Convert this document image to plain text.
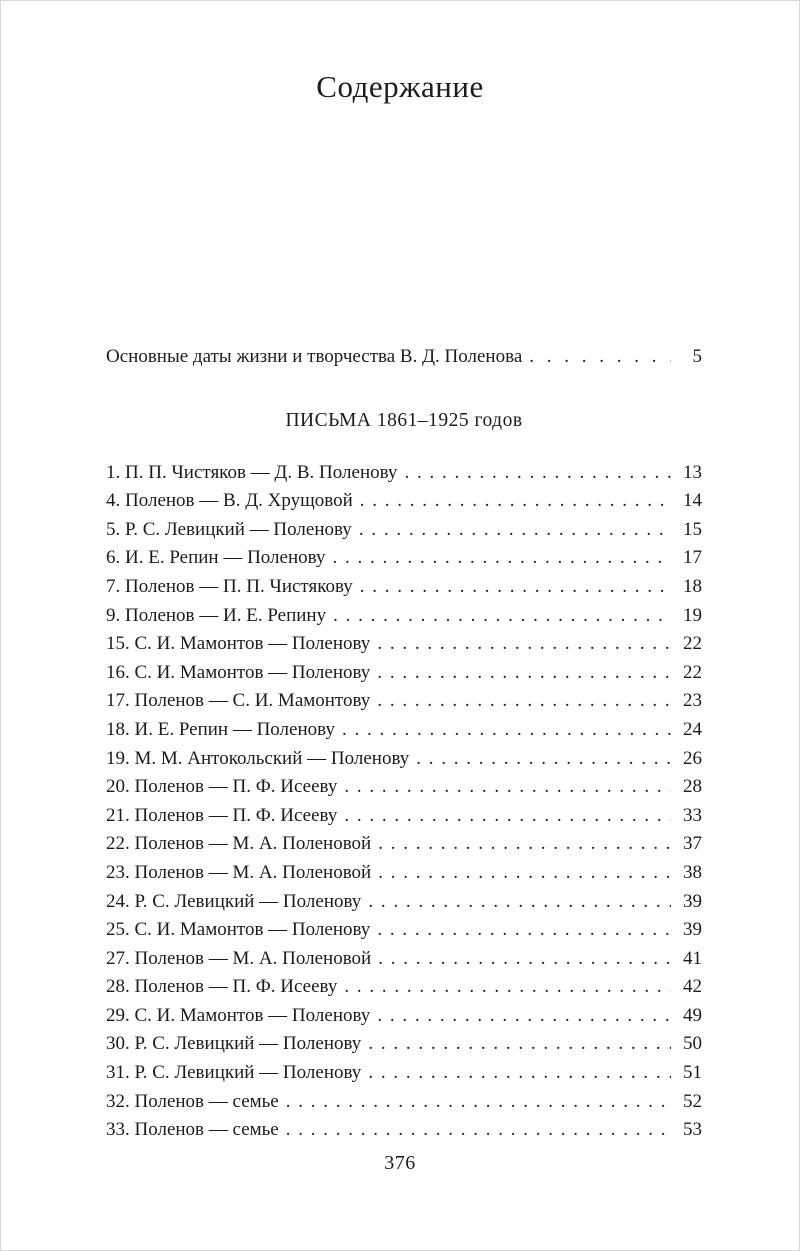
Содержание
Основные даты жизни и творчества В. Д. Поленова . . .	5
ПИСЬМА 1861–1925 годов
1. П. П. Чистяков — Д. В. Поленову . . .	13
4. Поленов — В. Д. Хрущовой . . .	14
5. Р. С. Левицкий — Поленову . . .	15
6. И. Е. Репин — Поленову . . .	17
7. Поленов — П. П. Чистякову . . .	18
9. Поленов — И. Е. Репину . . .	19
15. С. И. Мамонтов — Поленову . . .	22
16. С. И. Мамонтов — Поленову . . .	22
17. Поленов — С. И. Мамонтову . . .	23
18. И. Е. Репин — Поленову . . .	24
19. М. М. Антокольский — Поленову . . .	26
20. Поленов — П. Ф. Исееву . . .	28
21. Поленов — П. Ф. Исееву . . .	33
22. Поленов — М. А. Поленовой . . .	37
23. Поленов — М. А. Поленовой . . .	38
24. Р. С. Левицкий — Поленову . . .	39
25. С. И. Мамонтов — Поленову . . .	39
27. Поленов — М. А. Поленовой . . .	41
28. Поленов — П. Ф. Исееву . . .	42
29. С. И. Мамонтов — Поленову . . .	49
30. Р. С. Левицкий — Поленову . . .	50
31. Р. С. Левицкий — Поленову . . .	51
32. Поленов — семье . . .	52
33. Поленов — семье . . .	53
376
